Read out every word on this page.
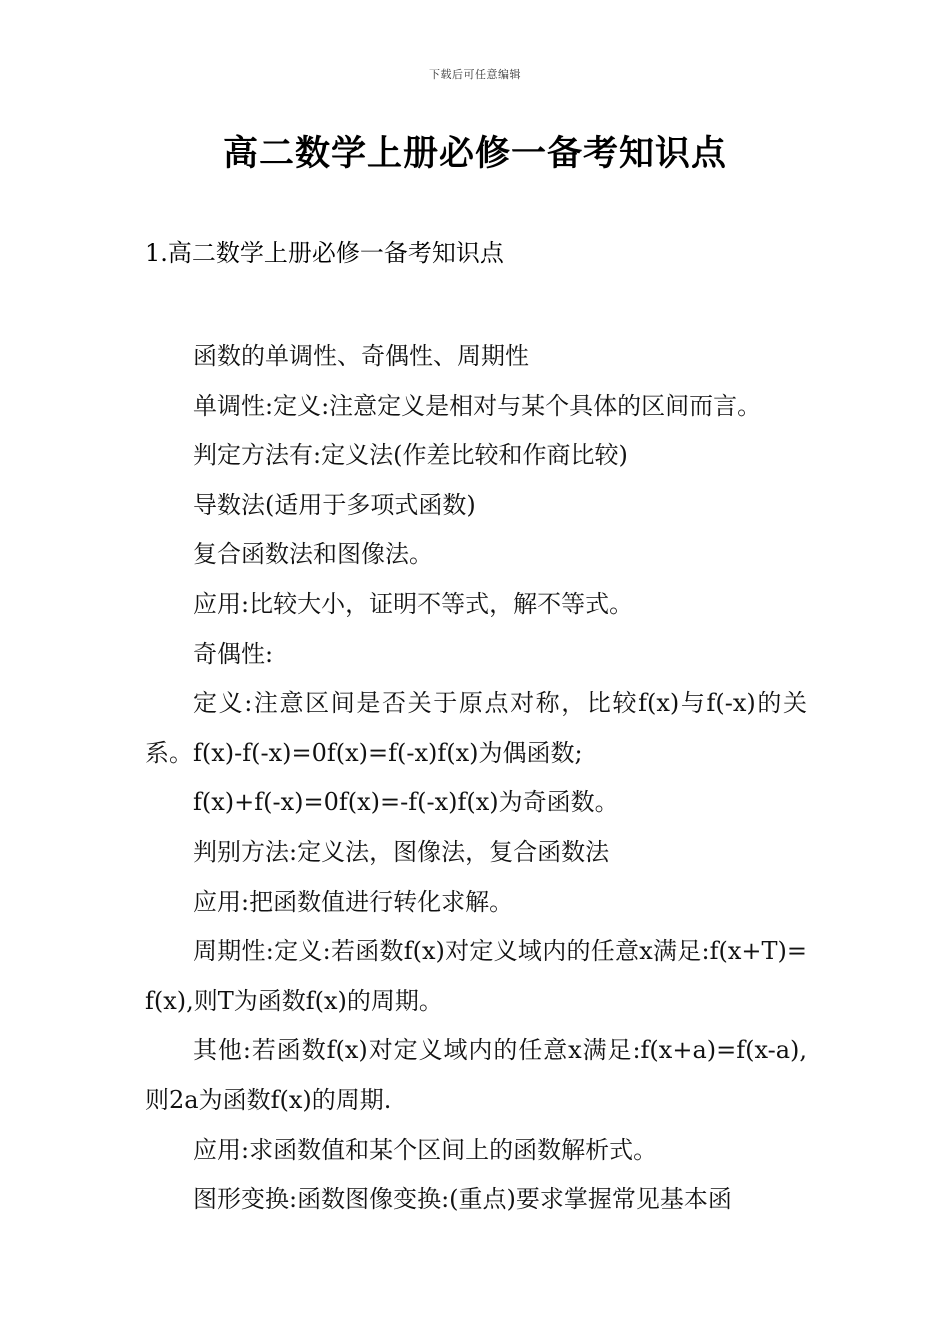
下载后可任意编辑
高二数学上册必修一备考知识点
1.高二数学上册必修一备考知识点

函数的单调性、奇偶性、周期性

单调性:定义:注意定义是相对与某个具体的区间而言。

判定方法有:定义法(作差比较和作商比较)

导数法(适用于多项式函数)

复合函数法和图像法。

应用:比较大小，证明不等式，解不等式。

奇偶性:

定义:注意区间是否关于原点对称，比较f(x)与f(-x)的关系。f(x)-f(-x)=0f(x)=f(-x)f(x)为偶函数;

f(x)+f(-x)=0f(x)=-f(-x)f(x)为奇函数。

判别方法:定义法，图像法，复合函数法

应用:把函数值进行转化求解。

周期性:定义:若函数f(x)对定义域内的任意x满足:f(x+T)=f(x),则T为函数f(x)的周期。

其他:若函数f(x)对定义域内的任意x满足:f(x+a)=f(x-a),则2a为函数f(x)的周期.

应用:求函数值和某个区间上的函数解析式。

图形变换:函数图像变换:(重点)要求掌握常见基本函
